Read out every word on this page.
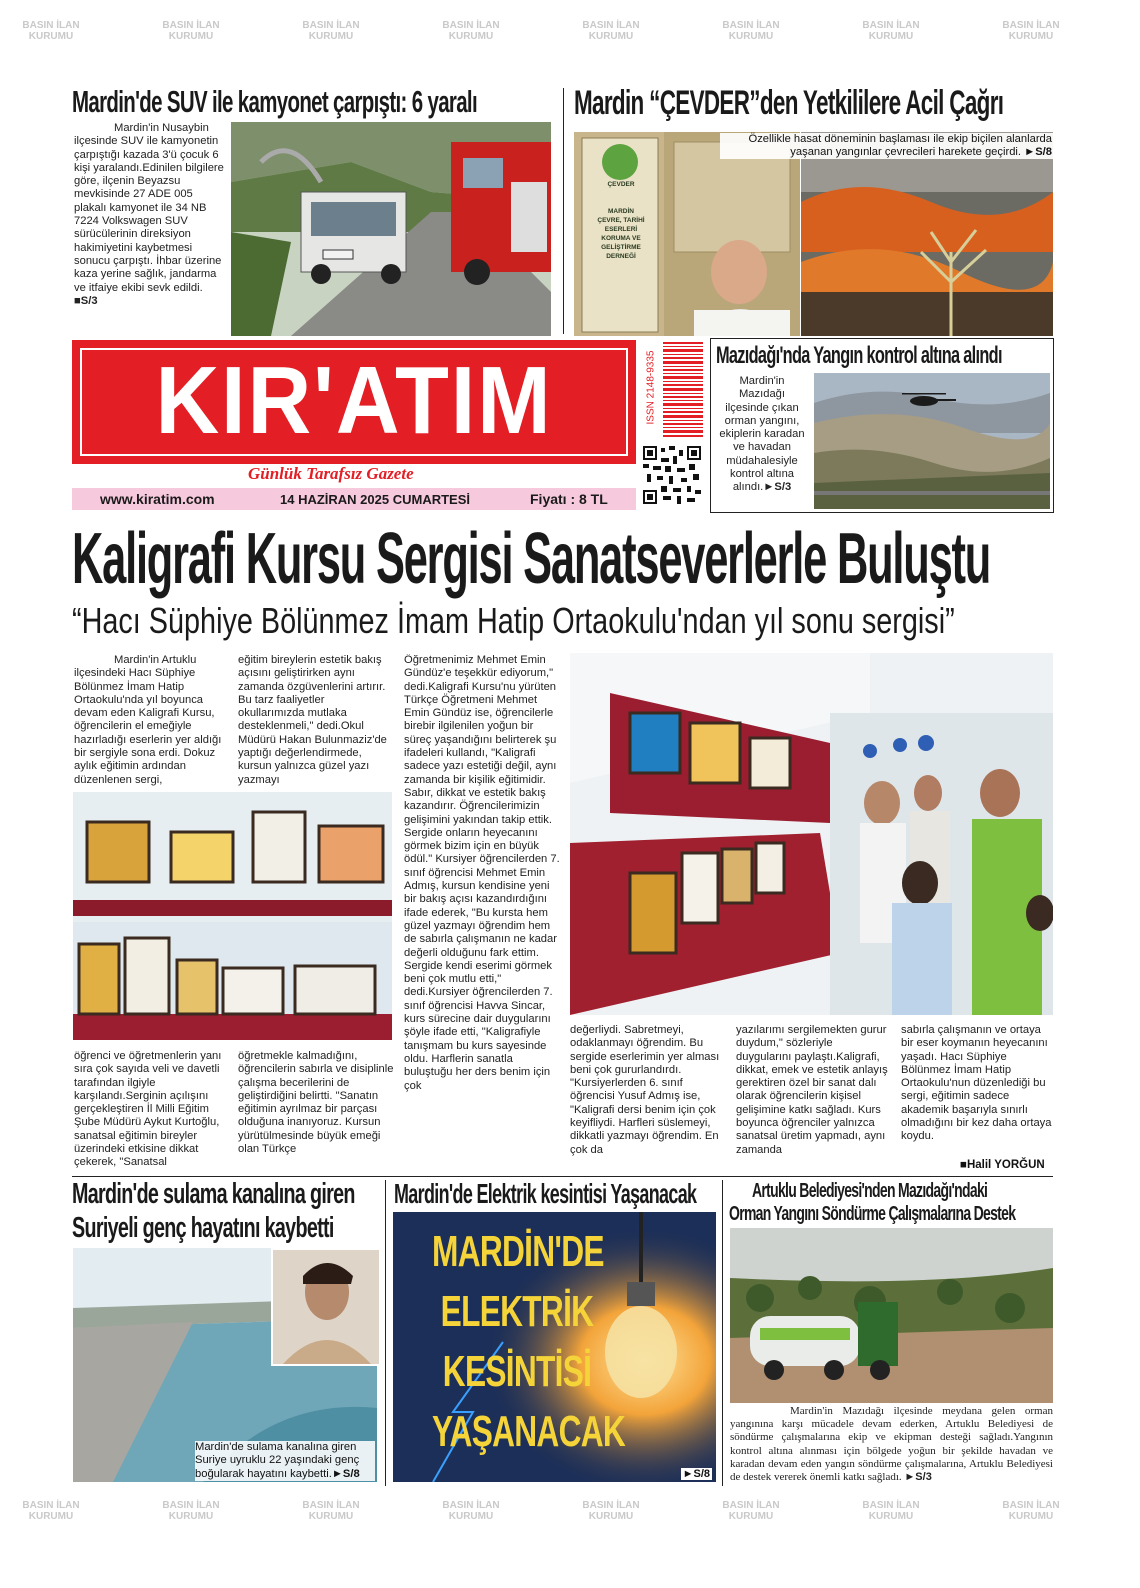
BASIN İLAN
KURUMU
BASIN İLAN
KURUMU
BASIN İLAN
KURUMU
BASIN İLAN
KURUMU
BASIN İLAN
KURUMU
BASIN İLAN
KURUMU
BASIN İLAN
KURUMU
BASIN İLAN
KURUMU
BASIN İLAN
KURUMU
BASIN İLAN
KURUMU
BASIN İLAN
KURUMU
BASIN İLAN
KURUMU
BASIN İLAN
KURUMU
BASIN İLAN
KURUMU
BASIN İLAN
KURUMU
BASIN İLAN
KURUMU
Mardin'de SUV ile kamyonet çarpıştı: 6 yaralı
Mardin'in Nusaybin ilçesinde SUV ile kamyonetin çarpıştığı kazada 3'ü çocuk 6 kişi yaralandı.Edinilen bilgilere göre, ilçenin Beyazsu mevkisinde 27 ADE 005 plakalı kamyonet ile 34 NB 7224 Volkswagen SUV sürücülerinin direksiyon hakimiyetini kaybetmesi sonucu çarpıştı. İhbar üzerine kaza yerine sağlık, jandarma ve itfaiye ekibi sevk edildi. ■S/3
Mardin “ÇEVDER”den Yetkililere Acil Çağrı
ÇEVDER
MARDİN
ÇEVRE, TARİHİ ESERLERİ
KORUMA VE
GELİŞTİRME DERNEĞİ
Özellikle hasat döneminin başlaması ile ekip biçilen alanlarda yaşanan yangınlar çevrecileri harekete geçirdi. ►S/8
KIR'ATIM
Günlük Tarafsız Gazete
www.kiratim.com	14 HAZİRAN 2025 CUMARTESİ	Fiyatı : 8 TL
ISSN 2148-9335 Mazıdağı'nda Yangın kontrol altına alındı
Mardin'in Mazıdağı ilçesinde çıkan orman yangını, ekiplerin karadan ve havadan müdahalesiyle kontrol altına alındı.►S/3
Kaligrafi Kursu Sergisi Sanatseverlerle Buluştu
“Hacı Süphiye Bölünmez İmam Hatip Ortaokulu'ndan yıl sonu sergisi”
Mardin'in Artuklu ilçesindeki Hacı Süphiye Bölünmez İmam Hatip Ortaokulu'nda yıl boyunca devam eden Kaligrafi Kursu, öğrencilerin el emeğiyle hazırladığı eserlerin yer aldığı bir sergiyle sona erdi. Dokuz aylık eğitimin ardından düzenlenen sergi,
eğitim bireylerin estetik bakış açısını geliştirirken aynı zamanda özgüvenlerini artırır. Bu tarz faaliyetler okullarımızda mutlaka desteklenmeli," dedi.Okul Müdürü Hakan Bulunmaziz'de yaptığı değerlendirmede, kursun yalnızca güzel yazı yazmayı
öğrenci ve öğretmenlerin yanı sıra çok sayıda veli ve davetli tarafından ilgiyle karşılandı.Serginin açılışını gerçekleştiren İl Milli Eğitim Şube Müdürü Aykut Kurtoğlu, sanatsal eğitimin bireyler üzerindeki etkisine dikkat çekerek, "Sanatsal
öğretmekle kalmadığını, öğrencilerin sabırla ve disiplinle çalışma becerilerini de geliştirdiğini belirtti. "Sanatın eğitimin ayrılmaz bir parçası olduğuna inanıyoruz. Kursun yürütülmesinde büyük emeği olan Türkçe
Öğretmenimiz Mehmet Emin Gündüz'e teşekkür ediyorum," dedi.Kaligrafi Kursu'nu yürüten Türkçe Öğretmeni Mehmet Emin Gündüz ise, öğrencilerle birebir ilgilenilen yoğun bir süreç yaşandığını belirterek şu ifadeleri kullandı, "Kaligrafi sadece yazı estetiği değil, aynı zamanda bir kişilik eğitimidir. Sabır, dikkat ve estetik bakış kazandırır. Öğrencilerimizin gelişimini yakından takip ettik. Sergide onların heyecanını görmek bizim için en büyük ödül." Kursiyer öğrencilerden 7. sınıf öğrencisi Mehmet Emin Admış, kursun kendisine yeni bir bakış açısı kazandırdığını ifade ederek, "Bu kursta hem güzel yazmayı öğrendim hem de sabırla çalışmanın ne kadar değerli olduğunu fark ettim. Sergide kendi eserimi görmek beni çok mutlu etti," dedi.Kursiyer öğrencilerden 7. sınıf öğrencisi Havva Sincar, kurs sürecine dair duygularını şöyle ifade etti, "Kaligrafiyle tanışmam bu kurs sayesinde oldu. Harflerin sanatla buluştuğu her ders benim için çok
değerliydi. Sabretmeyi, odaklanmayı öğrendim. Bu sergide eserlerimin yer alması beni çok gururlandırdı. "Kursiyerlerden 6. sınıf öğrencisi Yusuf Admış ise, "Kaligrafi dersi benim için çok keyifliydi. Harfleri süslemeyi, dikkatli yazmayı öğrendim. En çok da
yazılarımı sergilemekten gurur duydum," sözleriyle duygularını paylaştı.Kaligrafi, dikkat, emek ve estetik anlayış gerektiren özel bir sanat dalı olarak öğrencilerin kişisel gelişimine katkı sağladı. Kurs boyunca öğrenciler yalnızca sanatsal üretim yapmadı, aynı zamanda
sabırla çalışmanın ve ortaya bir eser koymanın heyecanını yaşadı. Hacı Süphiye Bölünmez İmam Hatip Ortaokulu'nun düzenlediği bu sergi, eğitimin sadece akademik başarıyla sınırlı olmadığını bir kez daha ortaya koydu.
■Halil YORĞUN
Mardin'de sulama kanalına giren
Suriyeli genç hayatını kaybetti
Mardin'de sulama kanalına giren Suriye uyruklu 22 yaşındaki genç boğularak hayatını kaybetti.►S/8
Mardin'de Elektrik kesintisi Yaşanacak
MARDİN'DE
ELEKTRİK
KESİNTİSİ
YAŞANACAK
►S/8
Artuklu Belediyesi'nden Mazıdağı'ndaki
Orman Yangını Söndürme Çalışmalarına Destek
Mardin'in Mazıdağı ilçesinde meydana gelen orman yangınına karşı mücadele devam ederken, Artuklu Belediyesi de söndürme çalışmalarına ekip ve ekipman desteği sağladı.Yangının kontrol altına alınması için bölgede yoğun bir şekilde havadan ve karadan devam eden yangın söndürme çalışmalarına, Artuklu Belediyesi de destek vererek önemli katkı sağladı. ►S/3
